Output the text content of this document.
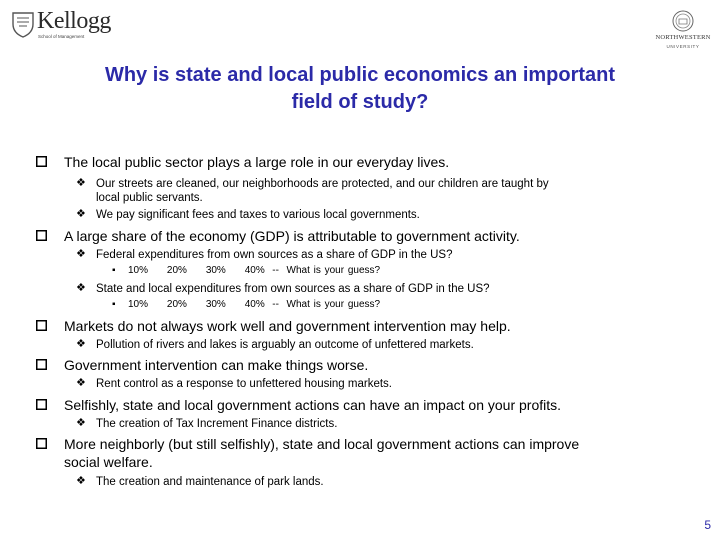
Kellogg
School of Management	NORTHWESTERN
UNIVERSITY
Why is state and local public economics an important
field of study?
The local public sector plays a large role in our everyday lives.
❖ Our streets are cleaned, our neighborhoods are protected, and our children are taught by
local public servants.
❖ We pay significant fees and taxes to various local governments.
A large share of the economy (GDP) is attributable to government activity.
❖ Federal expenditures from own sources as a share of GDP in the US?
▪ 10%     20%     30%     40%  --  What is your guess?
❖ State and local expenditures from own sources as a share of GDP in the US?
▪ 10%     20%     30%     40%  --  What is your guess?
Markets do not always work well and government intervention may help.
❖ Pollution of rivers and lakes is arguably an outcome of unfettered markets.
Government intervention can make things worse.
❖ Rent control as a response to unfettered housing markets.
Selfishly, state and local government actions can have an impact on your profits.
❖ The creation of Tax Increment Finance districts.
More neighborly (but still selfishly), state and local government actions can improve
social welfare.
❖ The creation and maintenance of park lands.
5
